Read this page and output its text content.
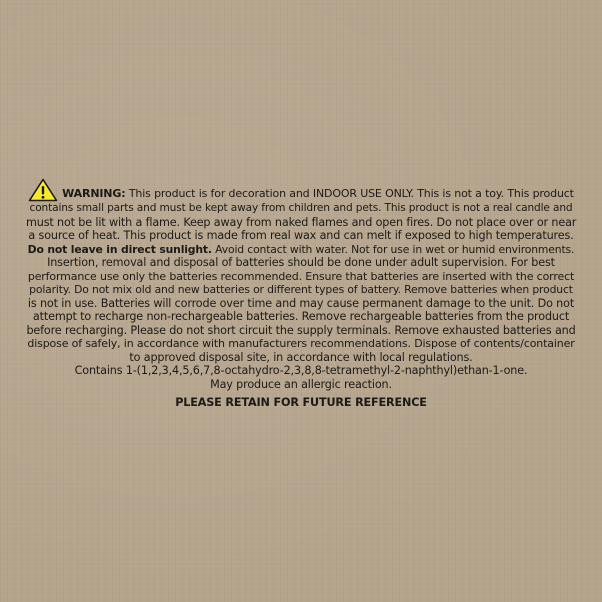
WARNING: This product is for decoration and INDOOR USE ONLY. This is not a toy. This product
contains small parts and must be kept away from children and pets. This product is not a real candle and
must not be lit with a flame. Keep away from naked flames and open fires. Do not place over or near
a source of heat. This product is made from real wax and can melt if exposed to high temperatures.
Do not leave in direct sunlight. Avoid contact with water. Not for use in wet or humid environments.
Insertion, removal and disposal of batteries should be done under adult supervision. For best
performance use only the batteries recommended. Ensure that batteries are inserted with the correct
polarity. Do not mix old and new batteries or different types of battery. Remove batteries when product
is not in use. Batteries will corrode over time and may cause permanent damage to the unit. Do not
attempt to recharge non-rechargeable batteries. Remove rechargeable batteries from the product
before recharging. Please do not short circuit the supply terminals. Remove exhausted batteries and
dispose of safely, in accordance with manufacturers recommendations. Dispose of contents/container
to approved disposal site, in accordance with local regulations.
Contains 1-(1,2,3,4,5,6,7,8-octahydro-2,3,8,8-tetramethyl-2-naphthyl)ethan-1-one.
May produce an allergic reaction.
PLEASE RETAIN FOR FUTURE REFERENCE
